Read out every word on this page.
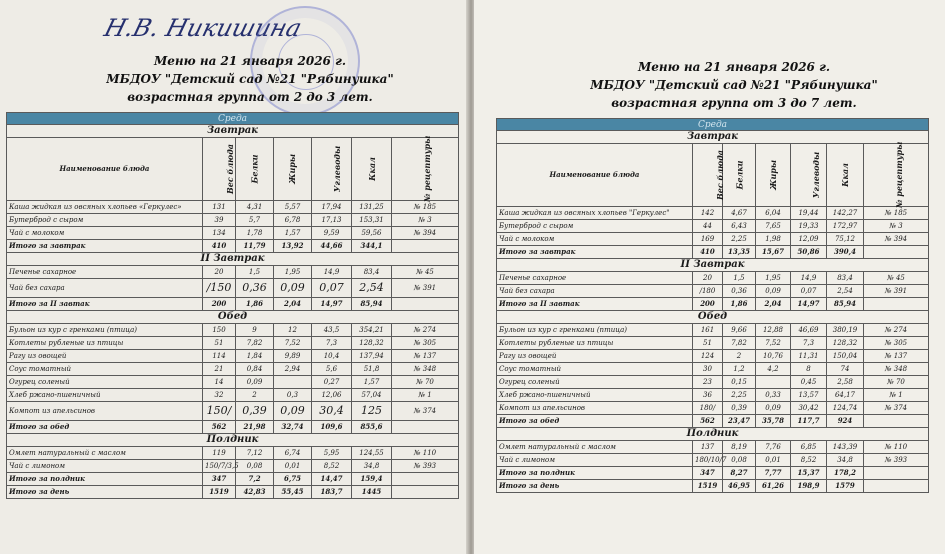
Н.В. Никишина
Меню на 21 января 2026 г.
МБДОУ "Детский сад №21 "Рябинушка"
возрастная группа от 2 до 3 лет.
Среда						
Завтрак						
Наименование блюда	Вес блюда	Белки	Жиры	Углеводы	Ккал	№ рецептуры
Каша жидкая из овсяных хлопьев «Геркулес»	131	4,31	5,57	17,94	131,25	№ 185
Бутерброд с сыром	39	5,7	6,78	17,13	153,31	№ 3
Чай с молоком	134	1,78	1,57	9,59	59,56	№ 394
Итого за завтрак	410	11,79	13,92	44,66	344,1	
II Завтрак						
Печенье сахарное	20	1,5	1,95	14,9	83,4	№ 45
Чай без сахара	/150	0,36	0,09	0,07	2,54	№ 391
Итого за II завтак	200	1,86	2,04	14,97	85,94	
Обед						
Бульон из кур с гренками (птица)	150	9	12	43,5	354,21	№ 274
Котлеты рубленые из птицы	51	7,82	7,52	7,3	128,32	№ 305
Рагу из овощей	114	1,84	9,89	10,4	137,94	№ 137
Соус томатный	21	0,84	2,94	5,6	51,8	№ 348
Огурец соленый	14	0,09		0,27	1,57	№ 70
Хлеб ржано-пшеничный	32	2	0,3	12,06	57,04	№ 1
Компот из апельсинов	150/	0,39	0,09	30,4	125	№ 374
Итого за обед	562	21,98	32,74	109,6	855,6	
Полдник						
Омлет натуральный с маслом	119	7,12	6,74	5,95	124,55	№ 110
Чай с лимоном	150/7/3,5	0,08	0,01	8,52	34,8	№ 393
Итого за полдник	347	7,2	6,75	14,47	159,4	
Итого за день	1519	42,83	55,45	183,7	1445	
Меню на 21 января 2026 г.
МБДОУ "Детский сад №21 "Рябинушка"
возрастная группа от 3 до 7 лет.
Среда						
Завтрак						
Наименование блюда	Вес блюда	Белки	Жиры	Углеводы	Ккал	№ рецептуры
Каша жидкая из овсяных хлопьев "Геркулес"	142	4,67	6,04	19,44	142,27	№ 185
Бутерброд с сыром	44	6,43	7,65	19,33	172,97	№ 3
Чай с молоком	169	2,25	1,98	12,09	75,12	№ 394
Итого за завтрак	410	13,35	15,67	50,86	390,4	
II Завтрак						
Печенье сахарное	20	1,5	1,95	14,9	83,4	№ 45
Чай без сахара	/180	0,36	0,09	0,07	2,54	№ 391
Итого за II завтак	200	1,86	2,04	14,97	85,94	
Обед						
Бульон из кур с гренками (птица)	161	9,66	12,88	46,69	380,19	№ 274
Котлеты рубленые из птицы	51	7,82	7,52	7,3	128,32	№ 305
Рагу из овощей	124	2	10,76	11,31	150,04	№ 137
Соус томатный	30	1,2	4,2	8	74	№ 348
Огурец соленый	23	0,15		0,45	2,58	№ 70
Хлеб ржано-пшеничный	36	2,25	0,33	13,57	64,17	№ 1
Компот из апельсинов	180/	0,39	0,09	30,42	124,74	№ 374
Итого за обед	562	23,47	35,78	117,7	924	
Полдник						
Омлет натуральный с маслом	137	8,19	7,76	6,85	143,39	№ 110
Чай с лимоном	180/10/7	0,08	0,01	8,52	34,8	№ 393
Итого за полдник	347	8,27	7,77	15,37	178,2	
Итого за день	1519	46,95	61,26	198,9	1579	
